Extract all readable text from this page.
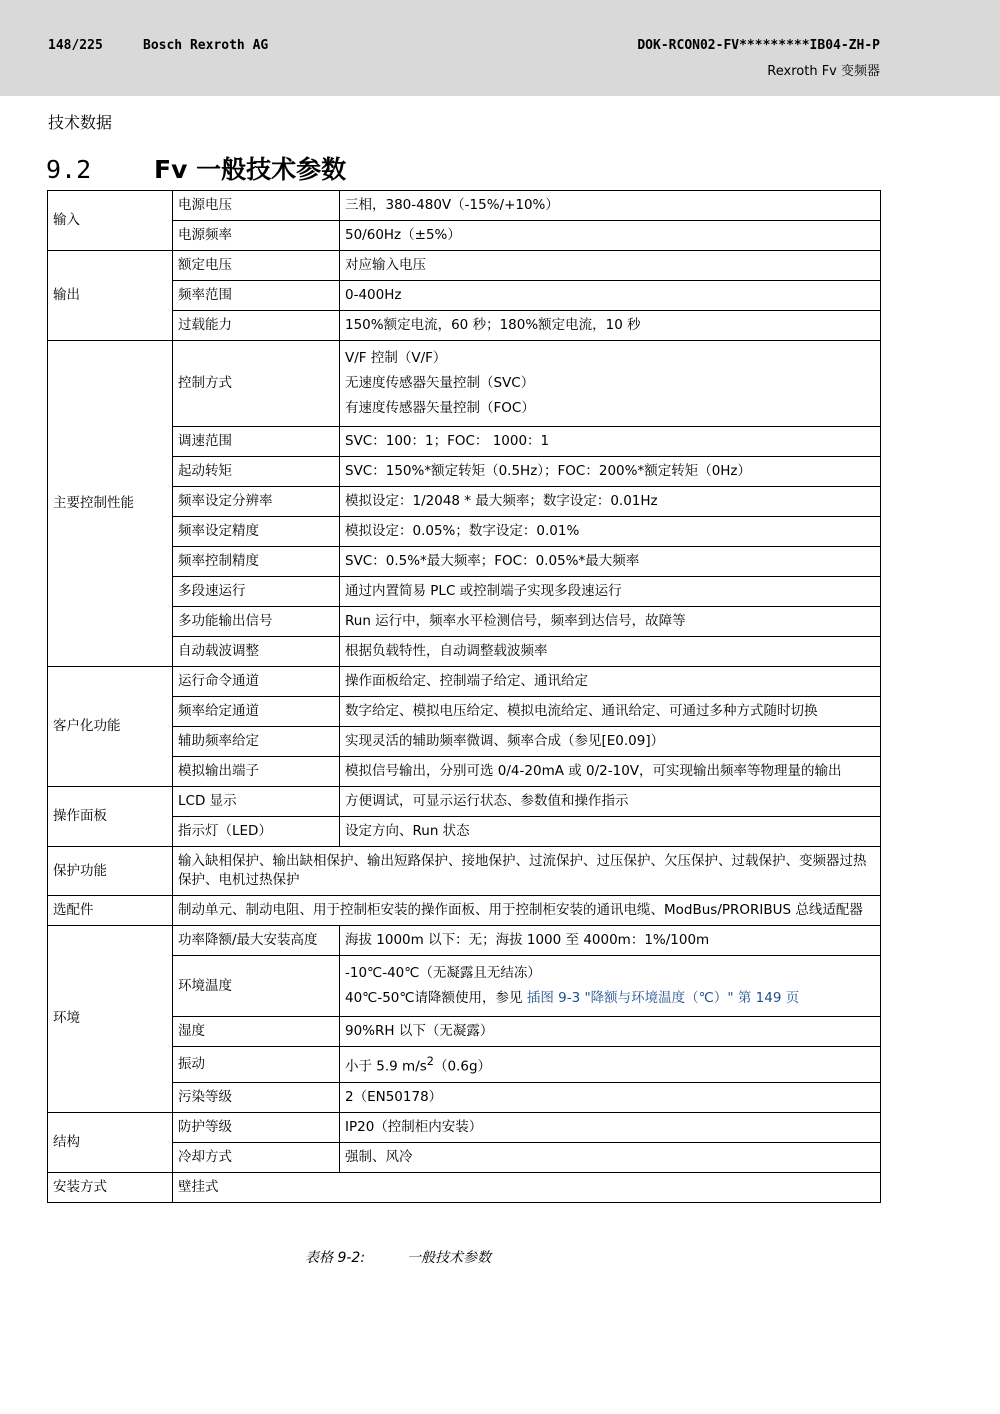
148/225	Bosch Rexroth AG	DOK-RCON02-FV*********IB04-ZH-P
Rexroth Fv 变频器
技术数据
9.2	Fv 一般技术参数
输入	电源电压	三相，380-480V（-15%/+10%）
	电源频率	50/60Hz（±5%）
输出	额定电压	对应输入电压
	频率范围	0-400Hz
	过载能力	150%额定电流，60 秒；180%额定电流，10 秒
主要控制性能	控制方式	V/F 控制（V/F）
无速度传感器矢量控制（SVC）
有速度传感器矢量控制（FOC）

	调速范围	SVC：100：1；FOC： 1000：1
	起动转矩	SVC：150%*额定转矩（0.5Hz）；FOC：200%*额定转矩（0Hz）
	频率设定分辨率	模拟设定：1/2048 * 最大频率；数字设定：0.01Hz
	频率设定精度	模拟设定：0.05%；数字设定：0.01%
	频率控制精度	SVC：0.5%*最大频率；FOC：0.05%*最大频率
	多段速运行	通过内置简易 PLC 或控制端子实现多段速运行
	多功能输出信号	Run 运行中，频率水平检测信号，频率到达信号，故障等
	自动载波调整	根据负载特性，自动调整载波频率
客户化功能	运行命令通道	操作面板给定、控制端子给定、通讯给定
	频率给定通道	数字给定、模拟电压给定、模拟电流给定、通讯给定、可通过多种方式随时切换
	辅助频率给定	实现灵活的辅助频率微调、频率合成（参见[E0.09]）
	模拟输出端子	模拟信号输出，分别可选 0/4-20mA 或 0/2-10V，可实现输出频率等物理量的输出
操作面板	LCD 显示	方便调试，可显示运行状态、参数值和操作指示
	指示灯（LED）	设定方向、Run 状态
保护功能	输入缺相保护、输出缺相保护、输出短路保护、接地保护、过流保护、过压保护、欠压保护、过载保护、变频器过热保护、电机过热保护	
选配件	制动单元、制动电阻、用于控制柜安装的操作面板、用于控制柜安装的通讯电缆、ModBus/PRORIBUS 总线适配器	
环境	功率降额/最大安装高度	海拔 1000m 以下：无；海拔 1000 至 4000m：1%/100m
	环境温度	-10℃-40℃（无凝露且无结冻）
40℃-50℃请降额使用，参见 插图 9-3 "降额与环境温度（℃）" 第 149 页

	湿度	90%RH 以下（无凝露）
	振动	小于 5.9 $m/s^2(0.6g)$
	污染等级	2（EN50178）
结构	防护等级	IP20（控制柜内安装）
	冷却方式	强制、风冷
安装方式	壁挂式	
表格 9-2:	一般技术参数
